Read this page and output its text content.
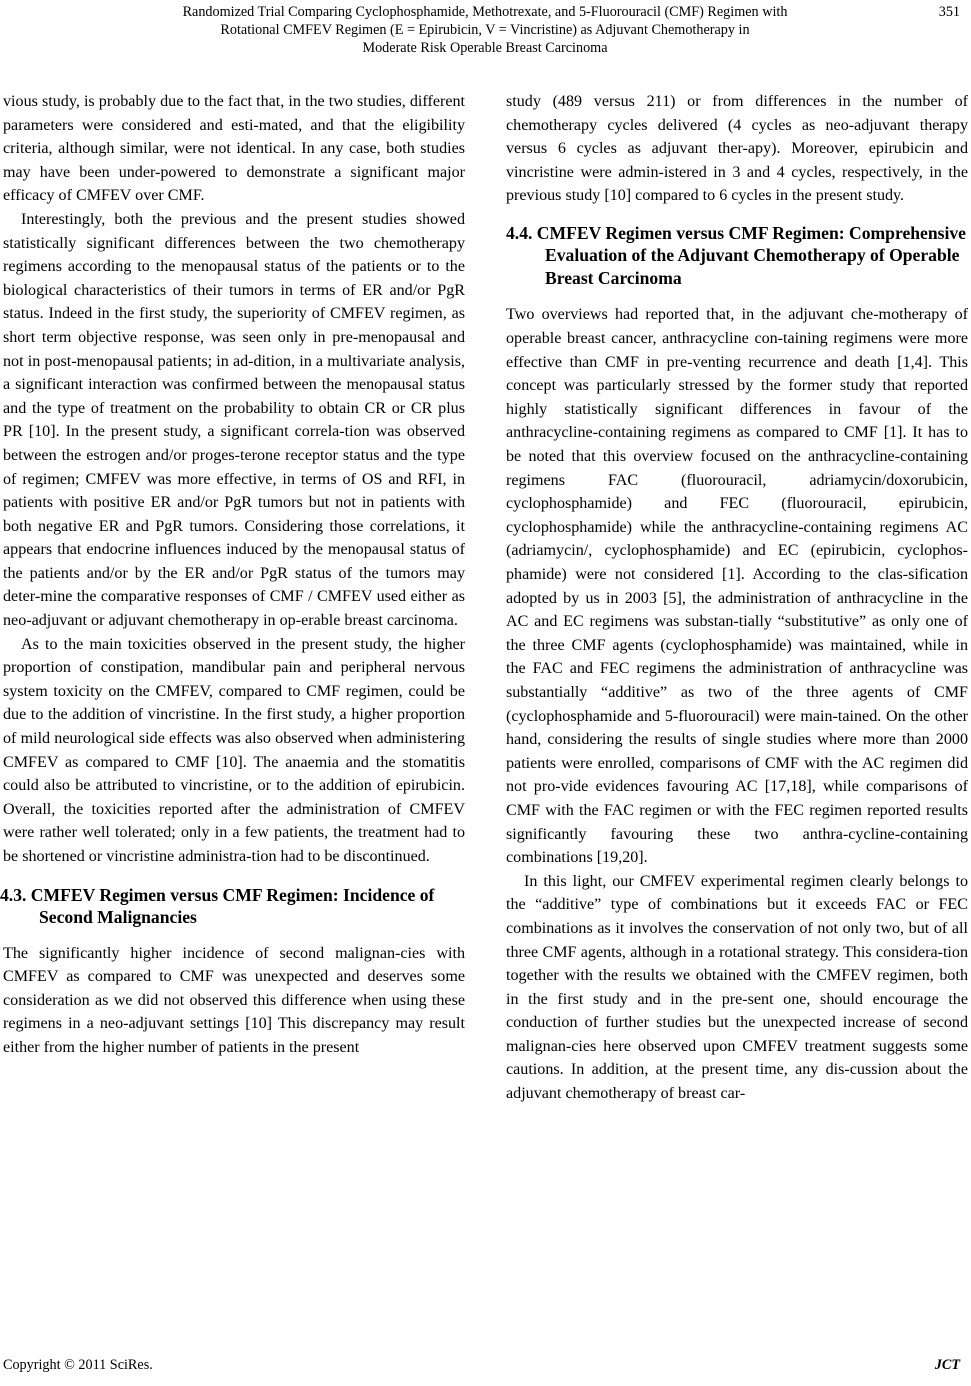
Randomized Trial Comparing Cyclophosphamide, Methotrexate, and 5-Fluorouracil (CMF) Regimen with
Rotational CMFEV Regimen (E = Epirubicin, V = Vincristine) as Adjuvant Chemotherapy in
Moderate Risk Operable Breast Carcinoma
351

vious study, is probably due to the fact that, in the two studies, different parameters were considered and esti-mated, and that the eligibility criteria, although similar, were not identical. In any case, both studies may have been under-powered to demonstrate a significant major efficacy of CMFEV over CMF.

Interestingly, both the previous and the present studies showed statistically significant differences between the two chemotherapy regimens according to the menopausal status of the patients or to the biological characteristics of their tumors in terms of ER and/or PgR status. Indeed in the first study, the superiority of CMFEV regimen, as short term objective response, was seen only in pre-menopausal and not in post-menopausal patients; in ad-dition, in a multivariate analysis, a significant interaction was confirmed between the menopausal status and the type of treatment on the probability to obtain CR or CR plus PR [10]. In the present study, a significant correla-tion was observed between the estrogen and/or proges-terone receptor status and the type of regimen; CMFEV was more effective, in terms of OS and RFI, in patients with positive ER and/or PgR tumors but not in patients with both negative ER and PgR tumors. Considering those correlations, it appears that endocrine influences induced by the menopausal status of the patients and/or by the ER and/or PgR status of the tumors may deter-mine the comparative responses of CMF / CMFEV used either as neo-adjuvant or adjuvant chemotherapy in op-erable breast carcinoma.

As to the main toxicities observed in the present study, the higher proportion of constipation, mandibular pain and peripheral nervous system toxicity on the CMFEV, compared to CMF regimen, could be due to the addition of vincristine. In the first study, a higher proportion of mild neurological side effects was also observed when administering CMFEV as compared to CMF [10]. The anaemia and the stomatitis could also be attributed to vincristine, or to the addition of epirubicin. Overall, the toxicities reported after the administration of CMFEV were rather well tolerated; only in a few patients, the treatment had to be shortened or vincristine administra-tion had to be discontinued.

4.3. CMFEV Regimen versus CMF Regimen: Incidence of Second Malignancies

The significantly higher incidence of second malignan-cies with CMFEV as compared to CMF was unexpected and deserves some consideration as we did not observed this difference when using these regimens in a neo-adjuvant settings [10] This discrepancy may result either from the higher number of patients in the present

study (489 versus 211) or from differences in the number of chemotherapy cycles delivered (4 cycles as neo-adjuvant therapy versus 6 cycles as adjuvant ther-apy). Moreover, epirubicin and vincristine were admin-istered in 3 and 4 cycles, respectively, in the previous study [10] compared to 6 cycles in the present study.

4.4. CMFEV Regimen versus CMF Regimen: Comprehensive Evaluation of the Adjuvant Chemotherapy of Operable Breast Carcinoma

Two overviews had reported that, in the adjuvant che-motherapy of operable breast cancer, anthracycline con-taining regimens were more effective than CMF in pre-venting recurrence and death [1,4]. This concept was particularly stressed by the former study that reported highly statistically significant differences in favour of the anthracycline-containing regimens as compared to CMF [1]. It has to be noted that this overview focused on the anthracycline-containing regimens FAC (fluorouracil, adriamycin/doxorubicin, cyclophosphamide) and FEC (fluorouracil, epirubicin, cyclophosphamide) while the anthracycline-containing regimens AC (adriamycin/, cyclophosphamide) and EC (epirubicin, cyclophos-phamide) were not considered [1]. According to the clas-sification adopted by us in 2003 [5], the administration of anthracycline in the AC and EC regimens was substan-tially “substitutive” as only one of the three CMF agents (cyclophosphamide) was maintained, while in the FAC and FEC regimens the administration of anthracycline was substantially “additive” as two of the three agents of CMF (cyclophosphamide and 5-fluorouracil) were main-tained. On the other hand, considering the results of single studies where more than 2000 patients were enrolled, comparisons of CMF with the AC regimen did not pro-vide evidences favouring AC [17,18], while comparisons of CMF with the FAC regimen or with the FEC regimen reported results significantly favouring these two anthra-cycline-containing combinations [19,20].

In this light, our CMFEV experimental regimen clearly belongs to the “additive” type of combinations but it exceeds FAC or FEC combinations as it involves the conservation of not only two, but of all three CMF agents, although in a rotational strategy. This considera-tion together with the results we obtained with the CMFEV regimen, both in the first study and in the pre-sent one, should encourage the conduction of further studies but the unexpected increase of second malignan-cies here observed upon CMFEV treatment suggests some cautions. In addition, at the present time, any dis-cussion about the adjuvant chemotherapy of breast car-

Copyright © 2011 SciRes.	JCT
